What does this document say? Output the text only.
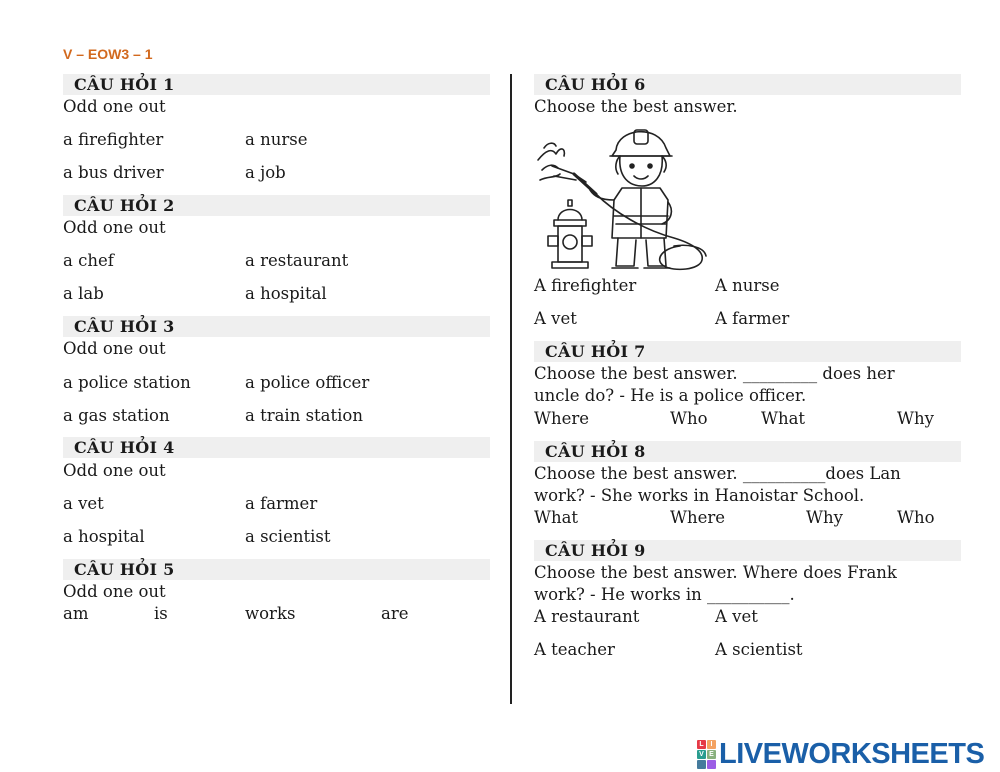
V – EOW3 – 1
CÂU HỎI 1
Odd one out
a firefighter	a nurse
a bus driver	a job
CÂU HỎI 2
Odd one out
a chef	a restaurant
a lab	a hospital
CÂU HỎI 3
Odd one out
a police station	a police officer
a gas station	a train station
CÂU HỎI 4
Odd one out
a vet	a farmer
a hospital	a scientist
CÂU HỎI 5
Odd one out
am	is	works	are
CÂU HỎI 6
Choose the best answer.
A firefighter	A nurse
A vet	A farmer
CÂU HỎI 7
Choose the best answer. _________ does her
uncle do? - He is a police officer.
Where	Who	What	Why
CÂU HỎI 8
Choose the best answer. __________does Lan
work? - She works in Hanoistar School.
What	Where	Why	Who
CÂU HỎI 9
Choose the best answer. Where does Frank
work? - He works in __________.
A restaurant	A vet
A teacher	A scientist
L I
V E LIVEWORKSHEETS
